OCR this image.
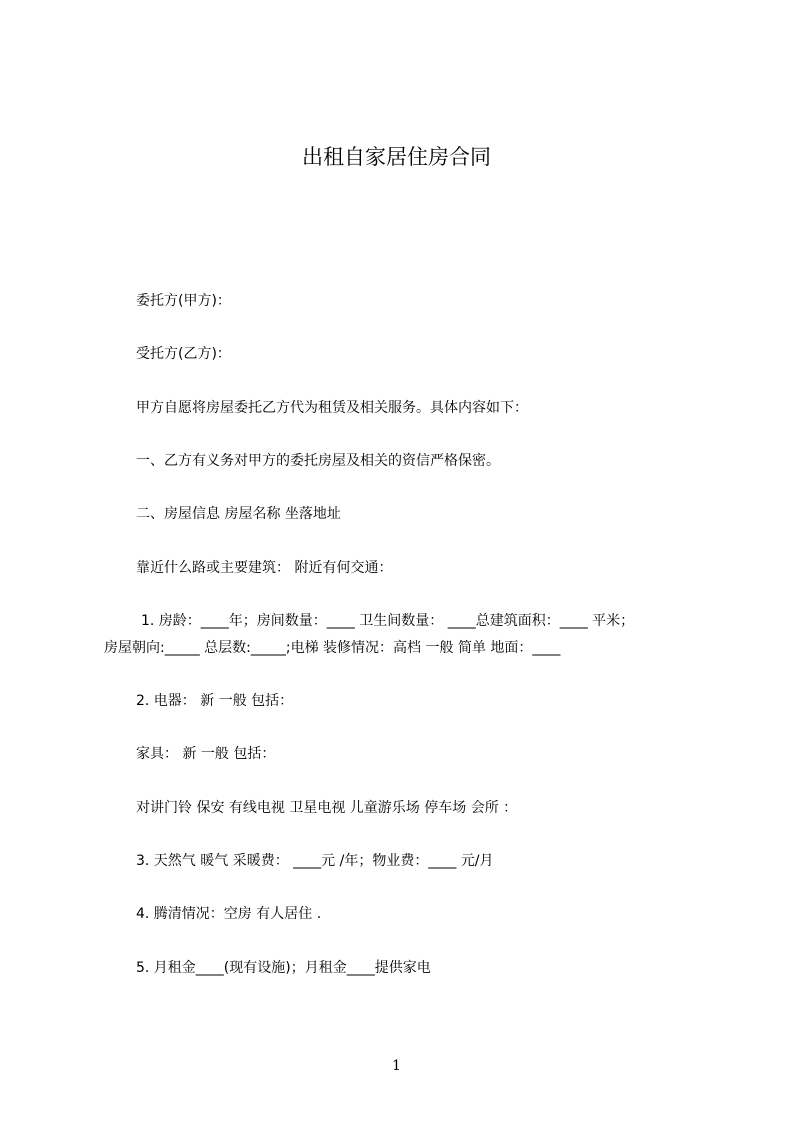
出租自家居住房合同
委托方(甲方)：
受托方(乙方)：
甲方自愿将房屋委托乙方代为租赁及相关服务。具体内容如下：
一、乙方有义务对甲方的委托房屋及相关的资信严格保密。
二、房屋信息 房屋名称 坐落地址
靠近什么路或主要建筑： 附近有何交通：
1. 房龄：____年；房间数量：____ 卫生间数量： ____总建筑面积：____ 平米；
房屋朝向:_____ 总层数:_____;电梯 装修情况：高档 一般 简单 地面：____
2. 电器： 新 一般 包括：
家具： 新 一般 包括：
对讲门铃 保安 有线电视 卫星电视 儿童游乐场 停车场 会所 ：
3. 天然气 暖气 采暖费： ____元 /年；物业费：____ 元/月
4. 腾清情况：空房 有人居住 .
5. 月租金____(现有设施)；月租金____提供家电
1
